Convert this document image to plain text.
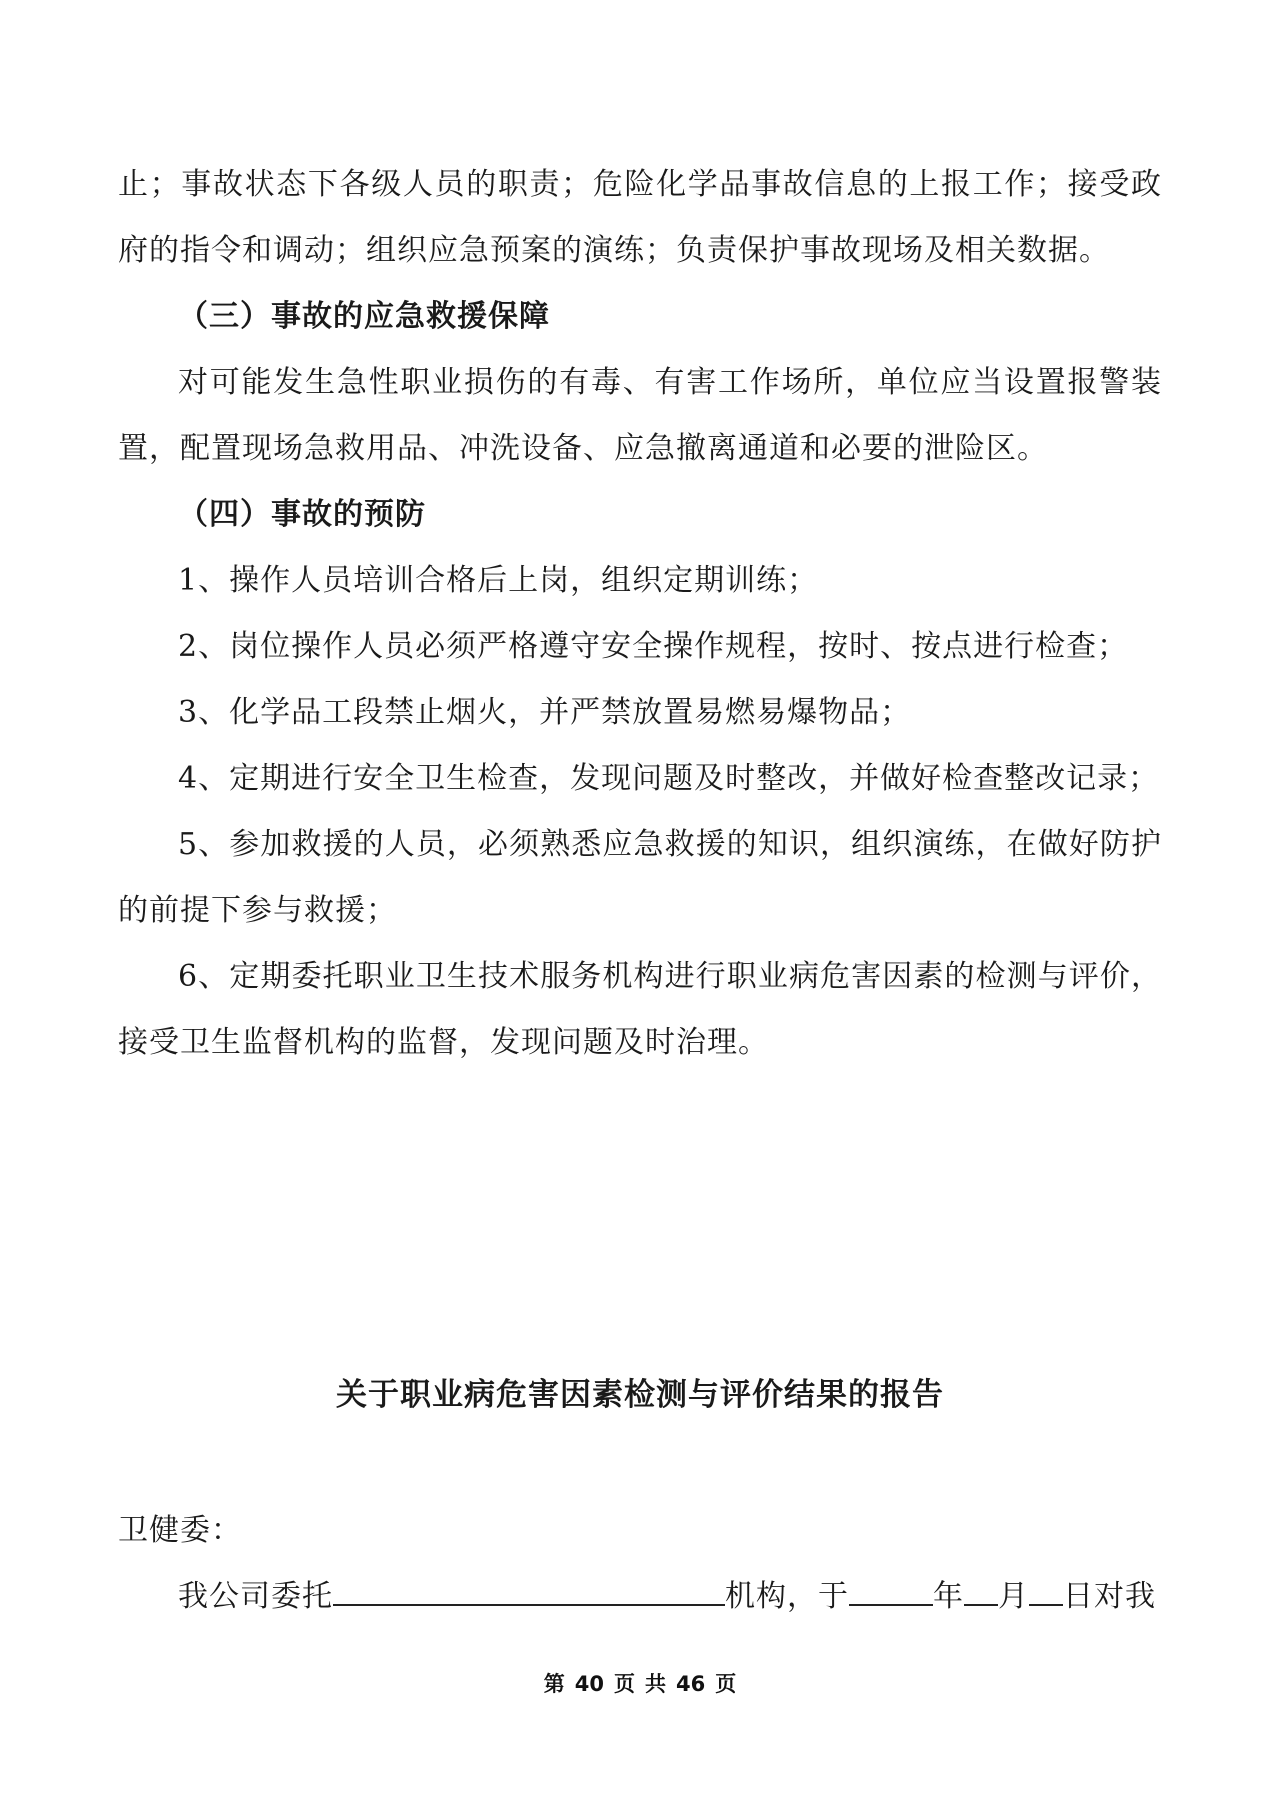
止；事故状态下各级人员的职责；危险化学品事故信息的上报工作；接受政府的指令和调动；组织应急预案的演练；负责保护事故现场及相关数据。

（三）事故的应急救援保障

对可能发生急性职业损伤的有毒、有害工作场所，单位应当设置报警装置，配置现场急救用品、冲洗设备、应急撤离通道和必要的泄险区。

（四）事故的预防

1、操作人员培训合格后上岗，组织定期训练；

2、岗位操作人员必须严格遵守安全操作规程，按时、按点进行检查；

3、化学品工段禁止烟火，并严禁放置易燃易爆物品；

4、定期进行安全卫生检查，发现问题及时整改，并做好检查整改记录；

5、参加救援的人员，必须熟悉应急救援的知识，组织演练，在做好防护的前提下参与救援；

6、定期委托职业卫生技术服务机构进行职业病危害因素的检测与评价，接受卫生监督机构的监督，发现问题及时治理。

关于职业病危害因素检测与评价结果的报告

卫健委：

我公司委托	机构，于	年 月 日对我

第 40 页 共 46 页
